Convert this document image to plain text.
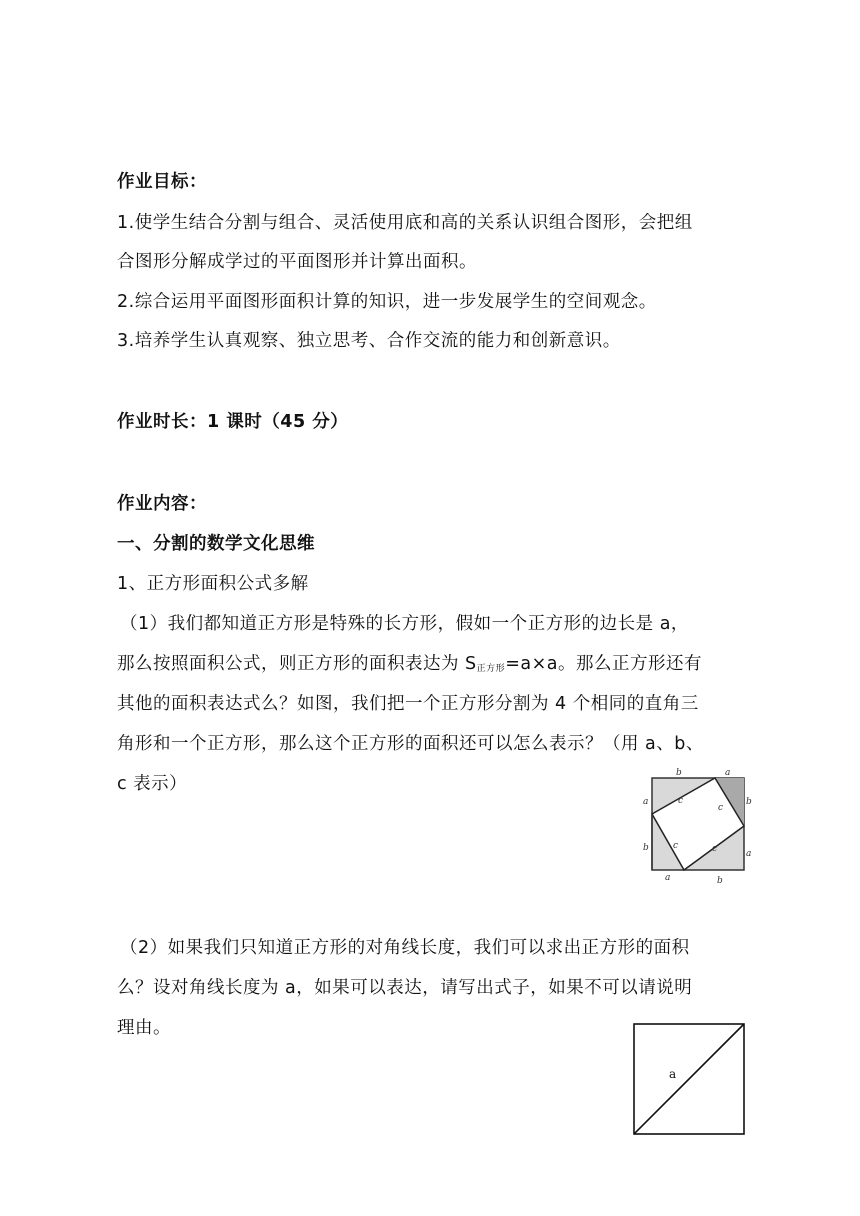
作业目标：
1.使学生结合分割与组合、灵活使用底和高的关系认识组合图形，会把组
合图形分解成学过的平面图形并计算出面积。
2.综合运用平面图形面积计算的知识，进一步发展学生的空间观念。
3.培养学生认真观察、独立思考、合作交流的能力和创新意识。
作业时长：1 课时（45 分）
作业内容：
一、分割的数学文化思维
1、正方形面积公式多解
（1）我们都知道正方形是特殊的长方形，假如一个正方形的边长是 a，
那么按照面积公式，则正方形的面积表达为 $S_{正方形}=a\times a$。那么正方形还有
其他的面积表达式么？如图，我们把一个正方形分割为 4 个相同的直角三
角形和一个正方形，那么这个正方形的面积还可以怎么表示？（用 a、b、
c 表示）
b	a
a
b
b
a
a	b
c
c
c	c
（2）如果我们只知道正方形的对角线长度，我们可以求出正方形的面积
么？设对角线长度为 a，如果可以表达，请写出式子，如果不可以请说明
理由。
a
